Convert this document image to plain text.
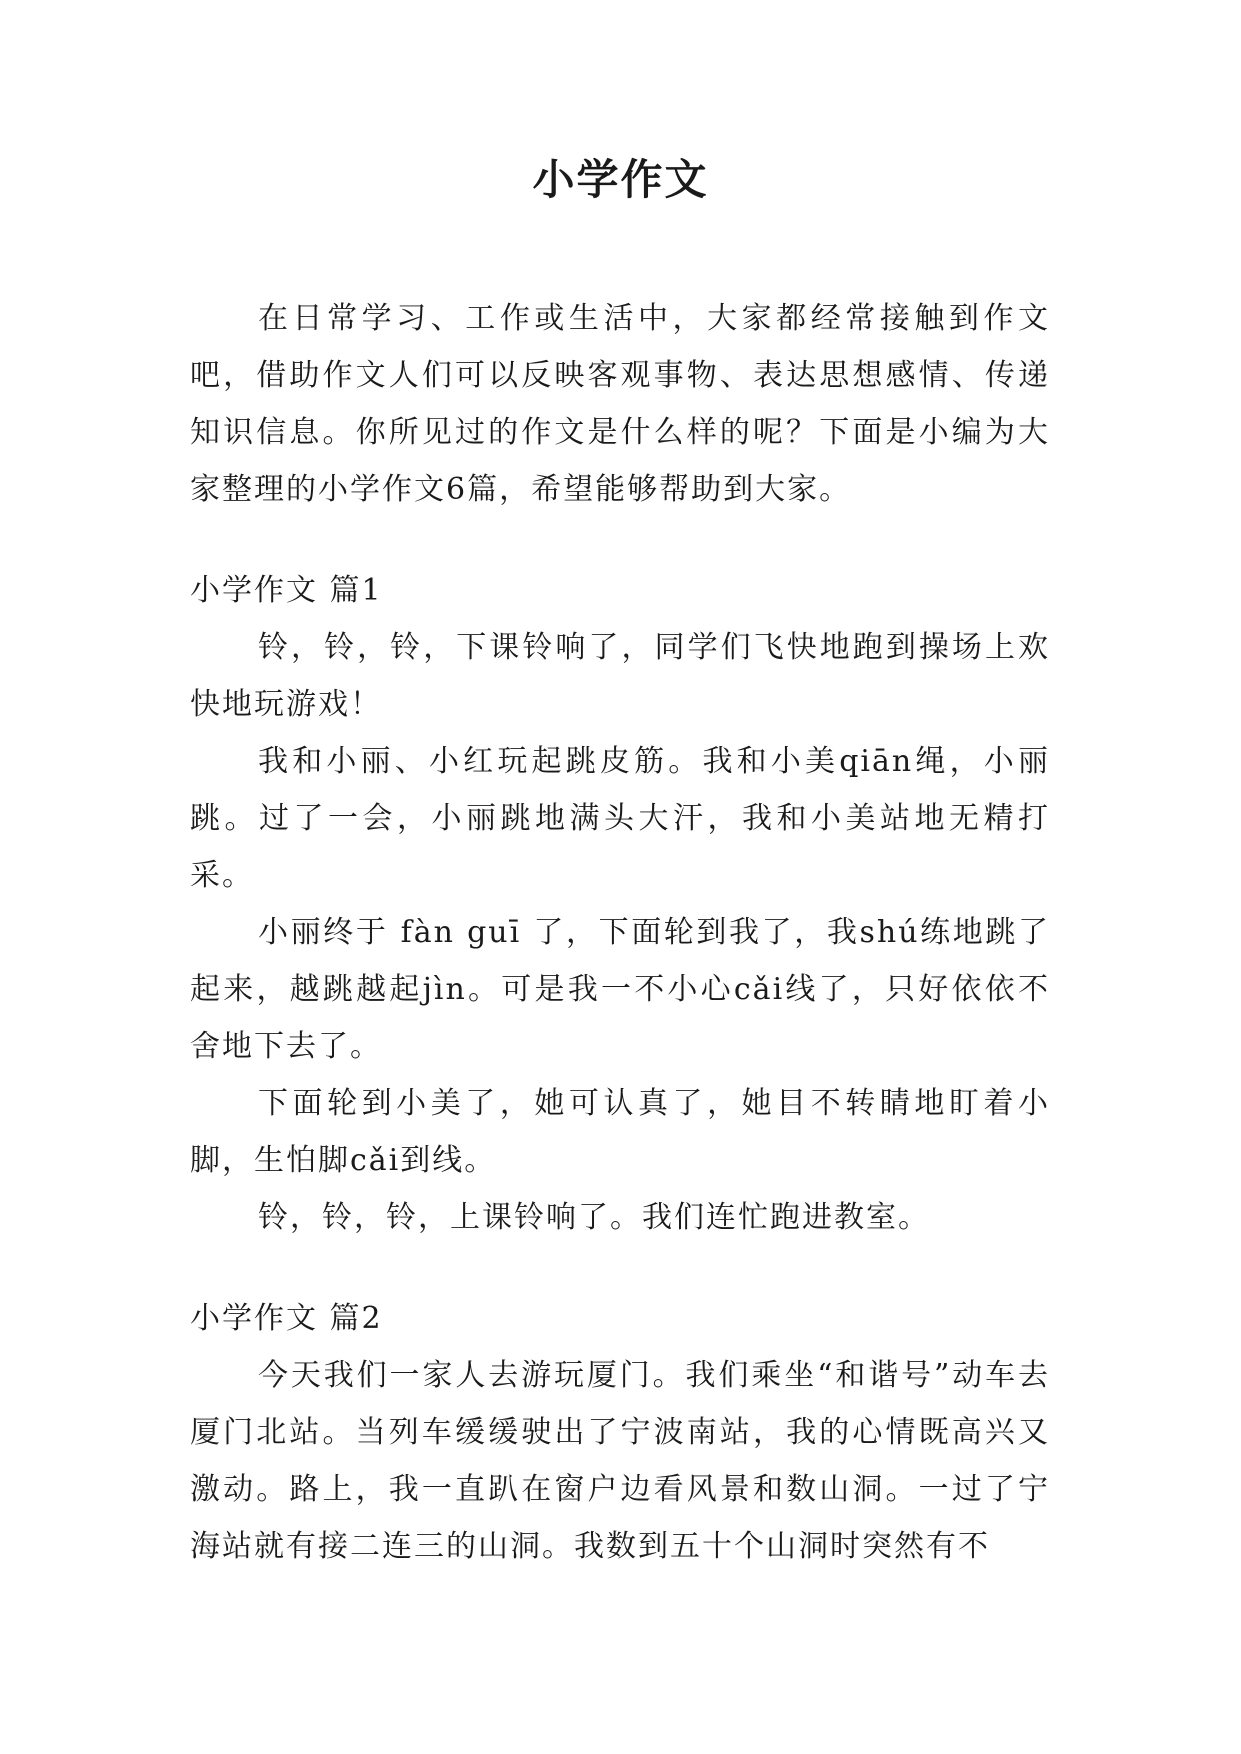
小学作文

在日常学习、工作或生活中，大家都经常接触到作文吧，借助作文人们可以反映客观事物、表达思想感情、传递知识信息。你所见过的作文是什么样的呢？下面是小编为大家整理的小学作文6篇，希望能够帮助到大家。

小学作文 篇1

铃，铃，铃，下课铃响了，同学们飞快地跑到操场上欢快地玩游戏！

我和小丽、小红玩起跳皮筋。我和小美qiān绳，小丽跳。过了一会，小丽跳地满头大汗，我和小美站地无精打采。

小丽终于 fàn guī 了，下面轮到我了，我shú练地跳了起来，越跳越起jìn。可是我一不小心cǎi线了，只好依依不舍地下去了。

下面轮到小美了，她可认真了，她目不转睛地盯着小脚，生怕脚cǎi到线。

铃，铃，铃，上课铃响了。我们连忙跑进教室。

小学作文 篇2

今天我们一家人去游玩厦门。我们乘坐“和谐号”动车去厦门北站。当列车缓缓驶出了宁波南站，我的心情既高兴又激动。路上，我一直趴在窗户边看风景和数山洞。一过了宁海站就有接二连三的山洞。我数到五十个山洞时突然有不
